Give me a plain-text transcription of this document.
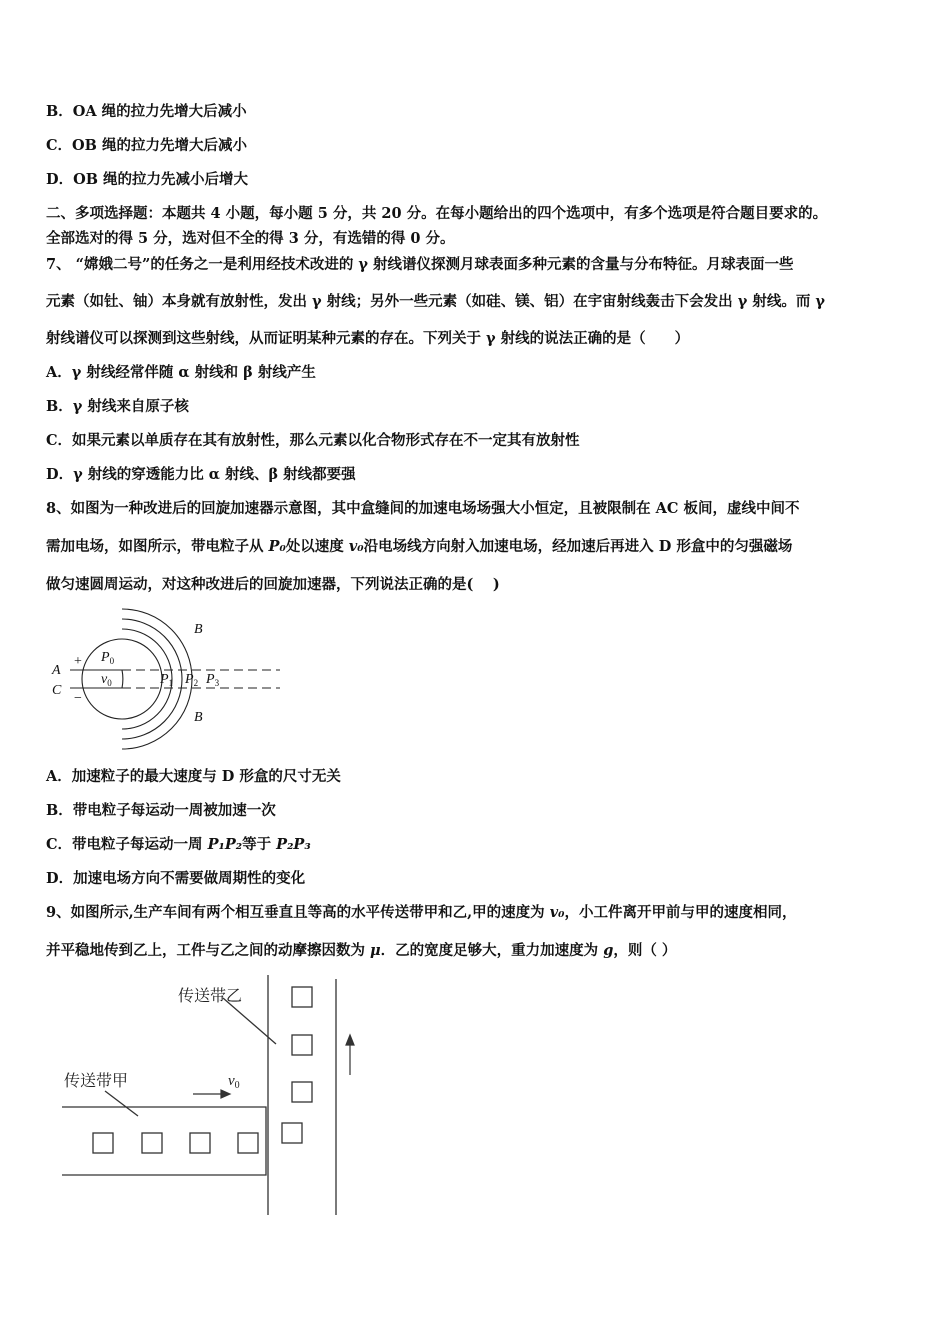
B．OA 绳的拉力先增大后减小
C．OB 绳的拉力先增大后减小
D．OB 绳的拉力先减小后增大
二、多项选择题：本题共 4 小题，每小题 5 分，共 20 分。在每小题给出的四个选项中，有多个选项是符合题目要求的。
全部选对的得 5 分，选对但不全的得 3 分，有选错的得 0 分。
7、 “嫦娥二号”的任务之一是利用经技术改进的 γ 射线谱仪探测月球表面多种元素的含量与分布特征。月球表面一些
元素（如钍、铀）本身就有放射性，发出 γ 射线；另外一些元素（如硅、镁、铝）在宇宙射线轰击下会发出 γ 射线。而 γ
射线谱仪可以探测到这些射线，从而证明某种元素的存在。下列关于 γ 射线的说法正确的是（　　）
A．γ 射线经常伴随 α 射线和 β 射线产生
B．γ 射线来自原子核
C．如果元素以单质存在其有放射性，那么元素以化合物形式存在不一定其有放射性
D．γ 射线的穿透能力比 α 射线、β 射线都要强
8、如图为一种改进后的回旋加速器示意图，其中盒缝间的加速电场场强大小恒定，且被限制在 AC 板间，虚线中间不
需加电场，如图所示，带电粒子从 P₀处以速度 v₀沿电场线方向射入加速电场，经加速后再进入 D 形盒中的匀强磁场
做匀速圆周运动，对这种改进后的回旋加速器，下列说法正确的是(　 )
A
C
B
B
$P_0$
$v_0$	$P_1$ $P_2$ $P_3$
+
−
A．加速粒子的最大速度与 D 形盒的尺寸无关
B．带电粒子每运动一周被加速一次
C．带电粒子每运动一周 P₁P₂等于 P₂P₃
D．加速电场方向不需要做周期性的变化
9、如图所示,生产车间有两个相互垂直且等高的水平传送带甲和乙,甲的速度为 v₀，小工件离开甲前与甲的速度相同，
并平稳地传到乙上，工件与乙之间的动摩擦因数为 μ．乙的宽度足够大，重力加速度为 g，则（ ）
传送带乙
传送带甲	$v_0$
